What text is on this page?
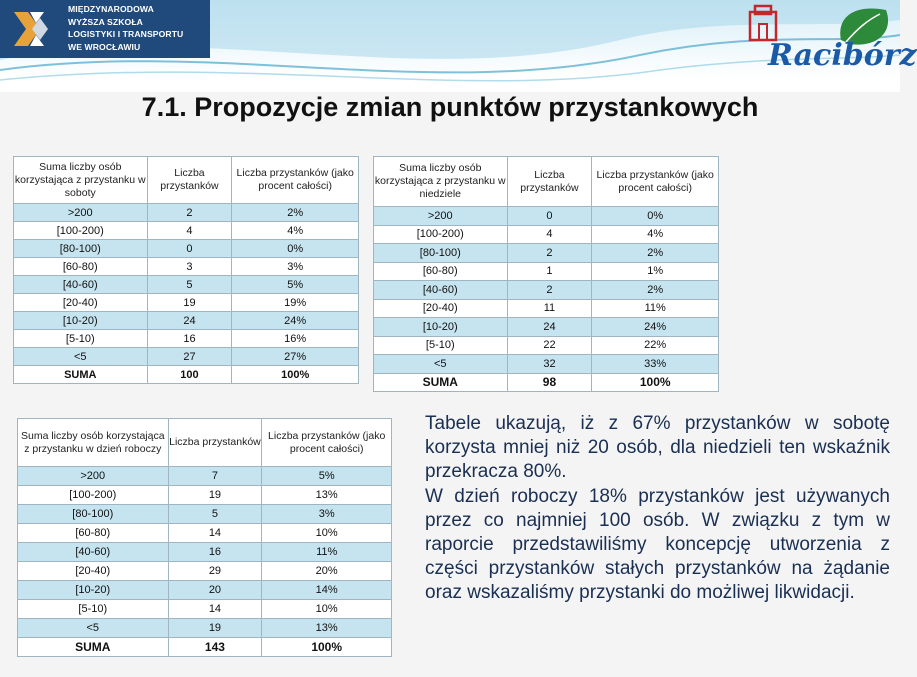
MIĘDZYNARODOWA
WYŻSZA SZKOŁA
LOGISTYKI I TRANSPORTU
WE WROCŁAWIU	Racibórz
7.1. Propozycje zmian punktów przystankowych
Suma liczby osób korzystająca z przystanku w soboty	Liczba przystanków	Liczba przystanków (jako procent całości)
>200	2	2%
[100-200)	4	4%
[80-100)	0	0%
[60-80)	3	3%
[40-60)	5	5%
[20-40)	19	19%
[10-20)	24	24%
[5-10)	16	16%
<5	27	27%
SUMA	100	100%
Suma liczby osób korzystająca z przystanku w niedziele	Liczba przystanków	Liczba przystanków (jako procent całości)
>200	0	0%
[100-200)	4	4%
[80-100)	2	2%
[60-80)	1	1%
[40-60)	2	2%
[20-40)	11	11%
[10-20)	24	24%
[5-10)	22	22%
<5	32	33%
SUMA	98	100%
Suma liczby osób korzystająca z przystanku w dzień roboczy	Liczba przystanków	Liczba przystanków (jako procent całości)
>200	7	5%
[100-200)	19	13%
[80-100)	5	3%
[60-80)	14	10%
[40-60)	16	11%
[20-40)	29	20%
[10-20)	20	14%
[5-10)	14	10%
<5	19	13%
SUMA	143	100%

Tabele ukazują, iż z 67% przystanków w sobotę korzysta mniej niż 20 osób, dla niedzieli ten wskaźnik przekracza 80%.

W dzień roboczy 18% przystanków jest używanych przez co najmniej 100 osób. W związku z tym w raporcie przedstawiliśmy koncepcję utworzenia z części przystanków stałych przystanków na żądanie oraz wskazaliśmy przystanki do możliwej likwidacji.
